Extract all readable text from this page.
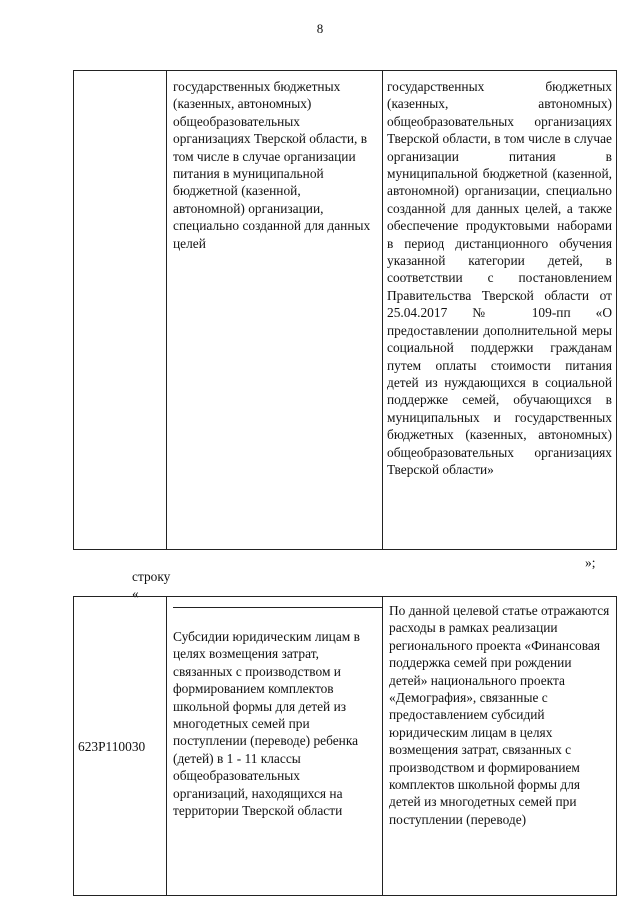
8
государственных бюджетных (казенных, автономных) общеобразовательных организациях Тверской области, в том числе в случае организации питания в муниципальной бюджетной (казенной, автономной) организации, специально созданной для данных целей
государственных бюджетных (казенных, автономных) общеобразовательных организациях Тверской области, в том числе в случае организации питания в муниципальной бюджетной (казенной, автономной) организации, специально созданной для данных целей, а также обеспечение продуктовыми наборами в период дистанционного обучения указанной категории детей, в соответствии с постановлением Правительства Тверской области от 25.04.2017 № 109-пп «О предоставлении дополнительной меры социальной поддержки гражданам путем оплаты стоимости питания детей из нуждающихся в социальной поддержке семей, обучающихся в муниципальных и государственных бюджетных (казенных, автономных) общеобразовательных организациях Тверской области»
»;
строку
«
623P110030
Субсидии юридическим лицам в целях возмещения затрат, связанных с производством и формированием комплектов школьной формы для детей из многодетных семей при поступлении (переводе) ребенка (детей) в 1 - 11 классы общеобразовательных организаций, находящихся на территории Тверской области
По данной целевой статье отражаются расходы в рамках реализации регионального проекта «Финансовая поддержка семей при рождении детей» национального проекта «Демография», связанные с предоставлением субсидий юридическим лицам в целях возмещения затрат, связанных с производством и формированием комплектов школьной формы для детей из многодетных семей при поступлении (переводе)
